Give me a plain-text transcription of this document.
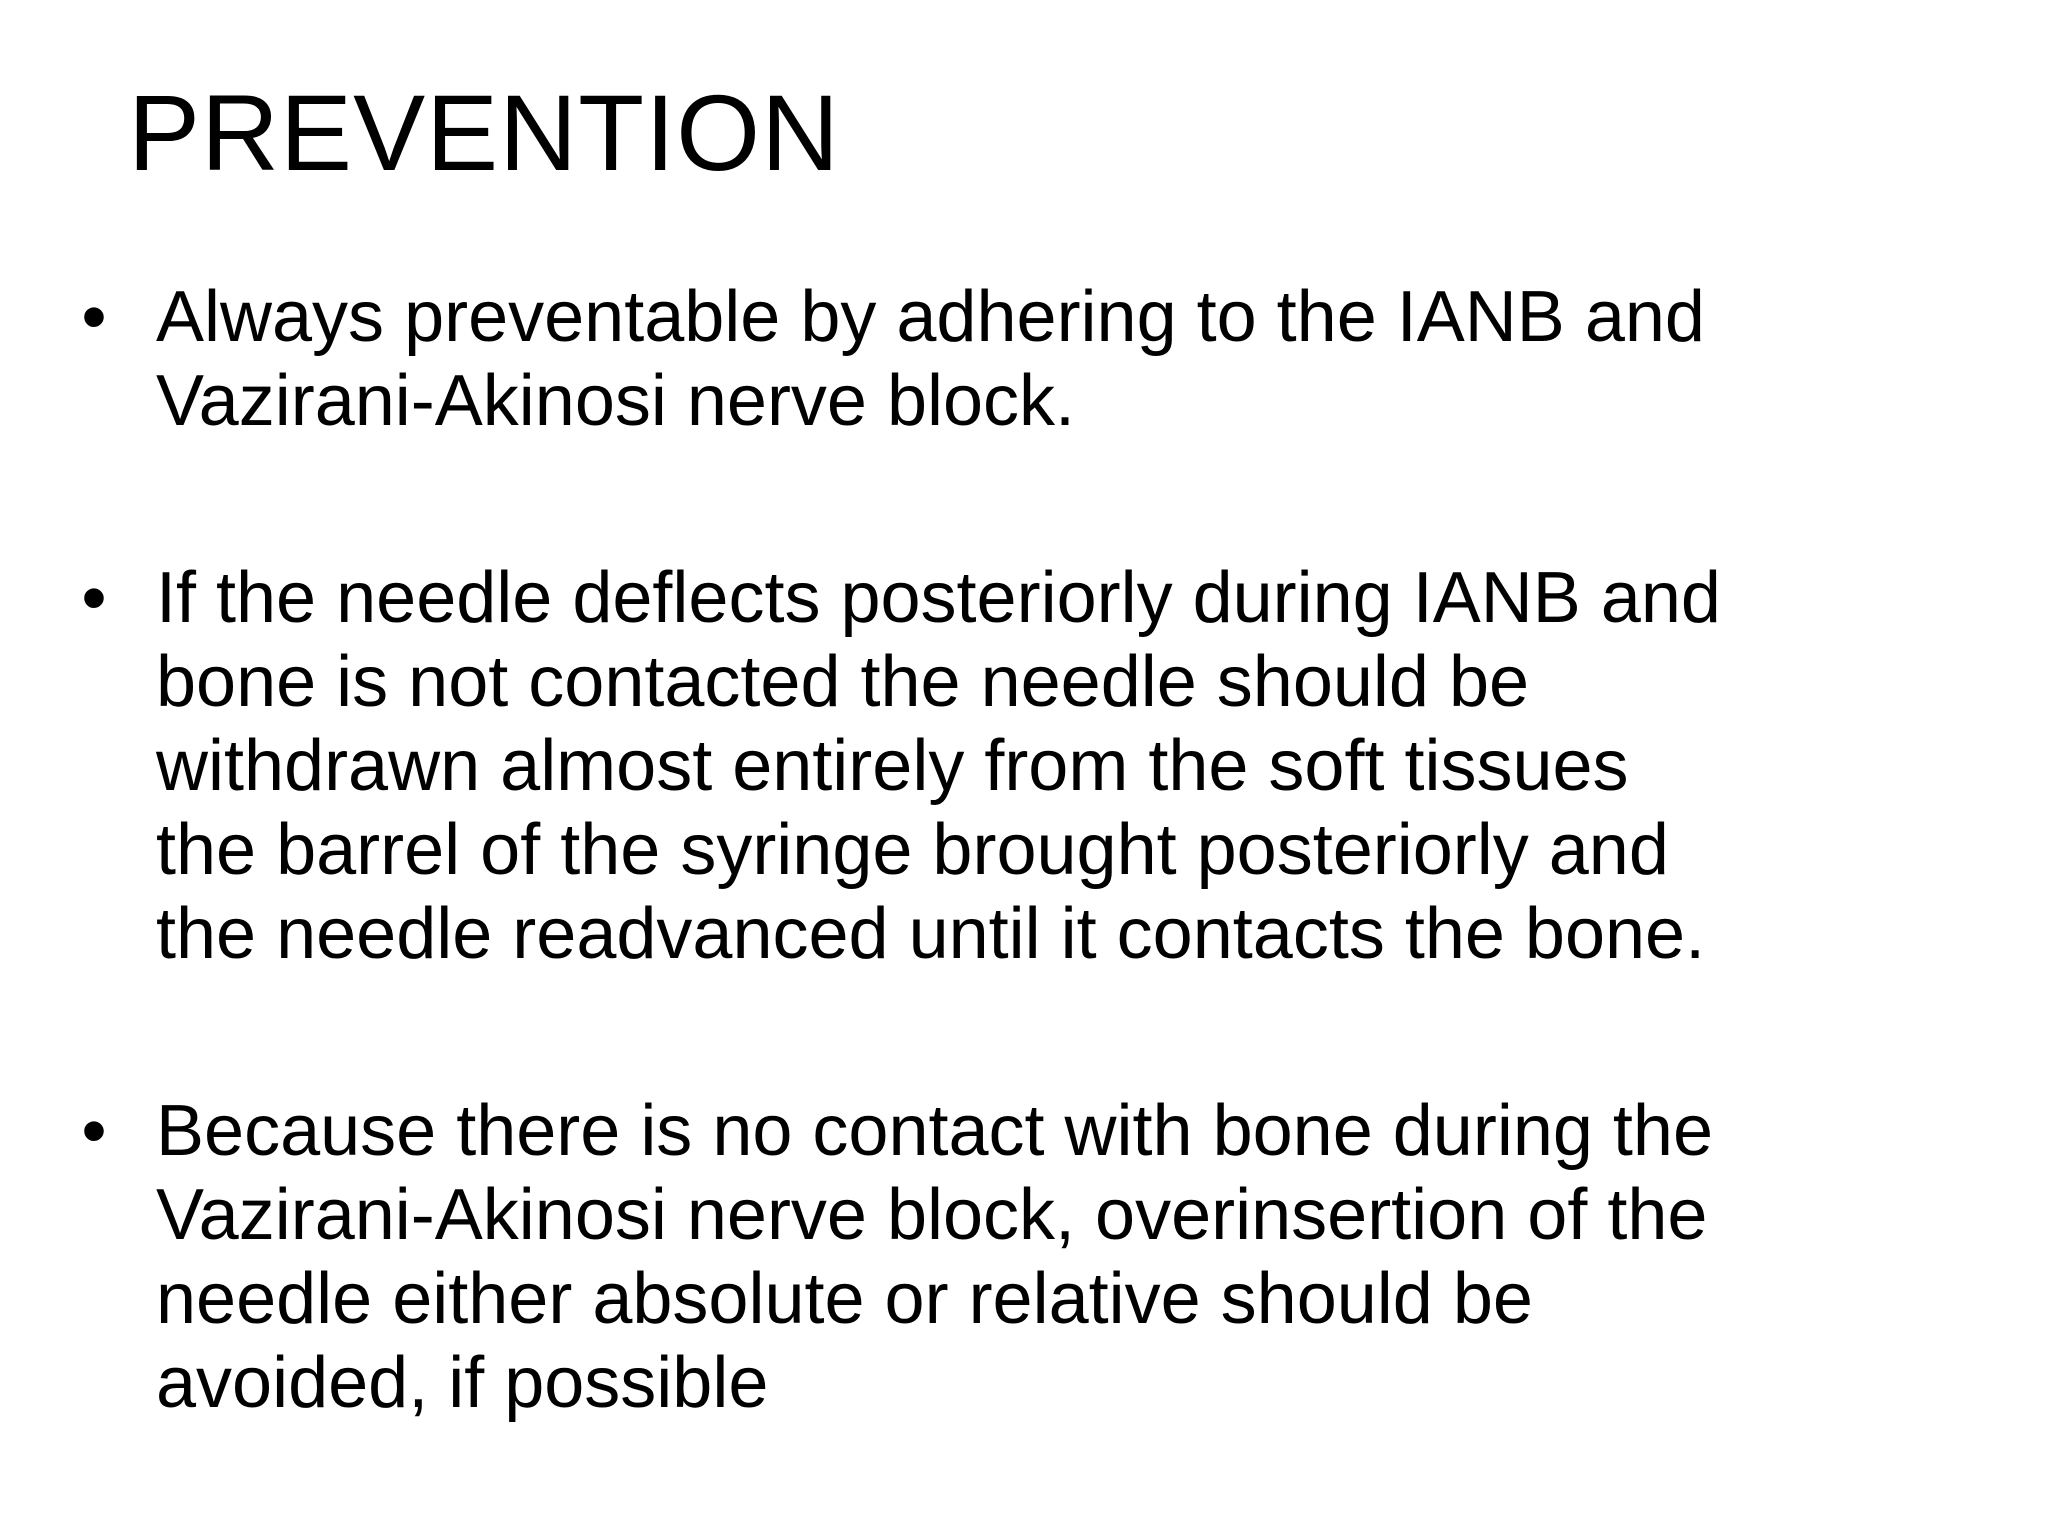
PREVENTION
• Always preventable by adhering to the IANB and
Vazirani-Akinosi nerve block.
• If the needle deflects posteriorly during IANB and
bone is not contacted the needle should be
withdrawn almost entirely from the soft tissues
the barrel of the syringe brought posteriorly and
the needle readvanced until it contacts the bone.
• Because there is no contact with bone during the
Vazirani-Akinosi nerve block, overinsertion of the
needle either absolute or relative should be
avoided, if possible
